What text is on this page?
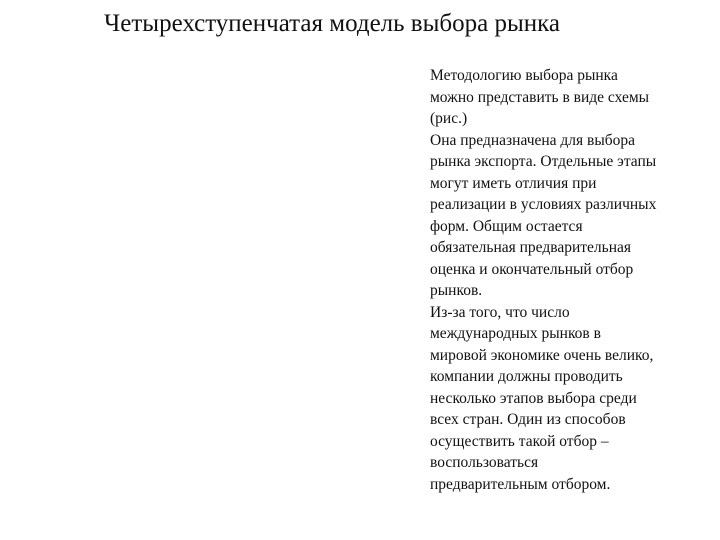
Четырехступенчатая модель выбора рынка
Методологию выбора рынка
можно представить в виде схемы
(рис.)
Она предназначена для выбора
рынка экспорта. Отдельные этапы
могут иметь отличия при
реализации в условиях различных
форм. Общим остается
обязательная предварительная
оценка и окончательный отбор
рынков.
Из-за того, что число
международных рынков в
мировой экономике очень велико,
компании должны проводить
несколько этапов выбора среди
всех стран. Один из способов
осуществить такой отбор –
воспользоваться
предварительным отбором.
